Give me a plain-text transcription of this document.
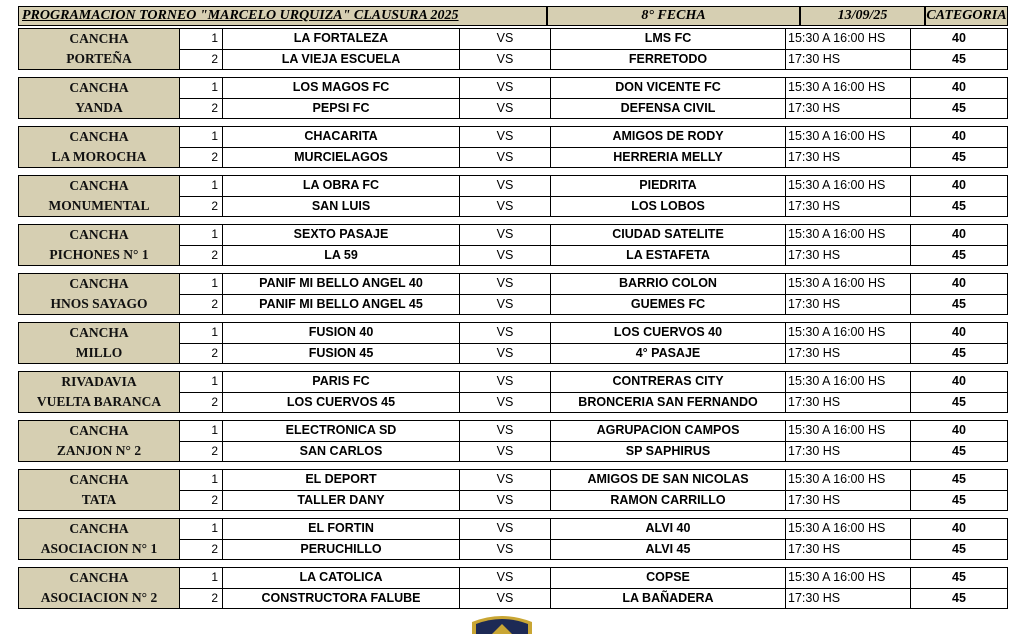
PROGRAMACION TORNEO "MARCELO URQUIZA" CLAUSURA 2025	8° FECHA	13/09/25	CATEGORIA
CANCHA
PORTEÑA
1	LA FORTALEZA	VS	LMS FC	15:30 A 16:00 HS	40
2	LA VIEJA ESCUELA	VS	FERRETODO	17:30 HS	45
CANCHA
YANDA
1	LOS MAGOS FC	VS	DON VICENTE FC	15:30 A 16:00 HS	40
2	PEPSI FC	VS	DEFENSA CIVIL	17:30 HS	45
CANCHA
LA MOROCHA
1	CHACARITA	VS	AMIGOS DE RODY	15:30 A 16:00 HS	40
2	MURCIELAGOS	VS	HERRERIA MELLY	17:30 HS	45
CANCHA
MONUMENTAL
1	LA OBRA FC	VS	PIEDRITA	15:30 A 16:00 HS	40
2	SAN LUIS	VS	LOS LOBOS	17:30 HS	45
CANCHA
PICHONES N° 1
1	SEXTO PASAJE	VS	CIUDAD SATELITE	15:30 A 16:00 HS	40
2	LA 59	VS	LA ESTAFETA	17:30 HS	45
CANCHA
HNOS SAYAGO
1	PANIF MI BELLO ANGEL 40	VS	BARRIO COLON	15:30 A 16:00 HS	40
2	PANIF MI BELLO ANGEL 45	VS	GUEMES FC	17:30 HS	45
CANCHA
MILLO
1	FUSION 40	VS	LOS CUERVOS 40	15:30 A 16:00 HS	40
2	FUSION 45	VS	4° PASAJE	17:30 HS	45
RIVADAVIA
VUELTA BARANCA
1	PARIS FC	VS	CONTRERAS CITY	15:30 A 16:00 HS	40
2	LOS CUERVOS 45	VS	BRONCERIA SAN FERNANDO	17:30 HS	45
CANCHA
ZANJON N° 2
1	ELECTRONICA SD	VS	AGRUPACION CAMPOS	15:30 A 16:00 HS	40
2	SAN CARLOS	VS	SP SAPHIRUS	17:30 HS	45
CANCHA
TATA
1	EL DEPORT	VS	AMIGOS DE SAN NICOLAS	15:30 A 16:00 HS	45
2	TALLER DANY	VS	RAMON CARRILLO	17:30 HS	45
CANCHA
ASOCIACION N° 1
1	EL FORTIN	VS	ALVI 40	15:30 A 16:00 HS	40
2	PERUCHILLO	VS	ALVI 45	17:30 HS	45
CANCHA
ASOCIACION N° 2
1	LA CATOLICA	VS	COPSE	15:30 A 16:00 HS	45
2	CONSTRUCTORA FALUBE	VS	LA BAÑADERA	17:30 HS	45
